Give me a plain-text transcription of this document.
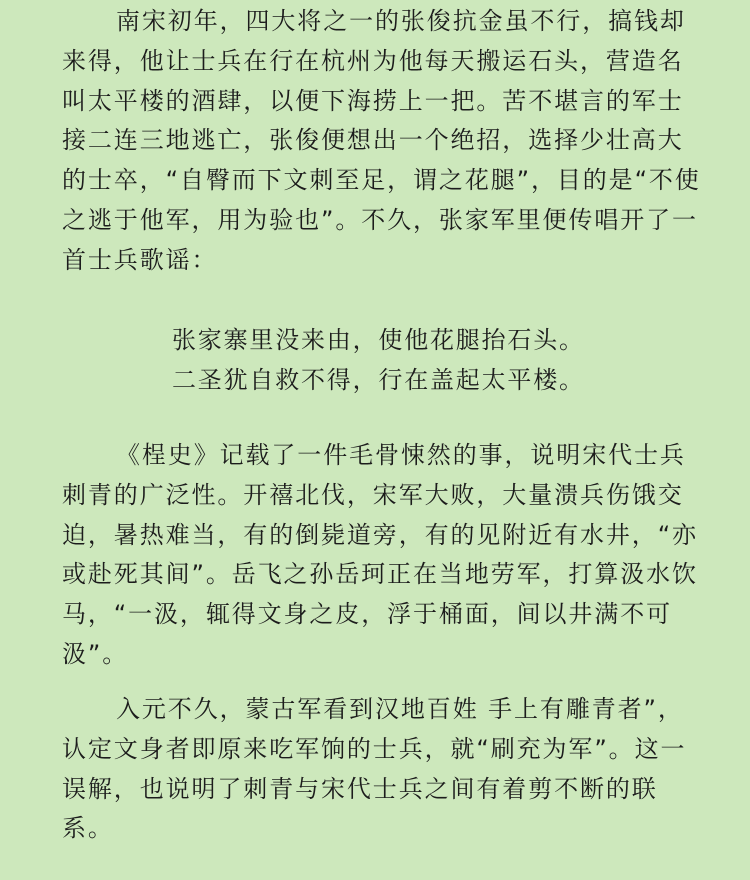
南宋初年，四大将之一的张俊抗金虽不行，搞钱却来得，他让士兵在行在杭州为他每天搬运石头，营造名叫太平楼的酒肆，以便下海捞上一把。苦不堪言的军士接二连三地逃亡，张俊便想出一个绝招，选择少壮高大的士卒，“自臀而下文刺至足，谓之花腿”，目的是“不使之逃于他军，用为验也”。不久，张家军里便传唱开了一首士兵歌谣：

张家寨里没来由，使他花腿抬石头。
二圣犹自救不得，行在盖起太平楼。

《桯史》记载了一件毛骨悚然的事，说明宋代士兵刺青的广泛性。开禧北伐，宋军大败，大量溃兵伤饿交迫，暑热难当，有的倒毙道旁，有的见附近有水井，“亦或赴死其间”。岳飞之孙岳珂正在当地劳军，打算汲水饮马，“一汲，辄得文身之皮，浮于桶面，间以井满不可汲”。

入元不久，蒙古军看到汉地百姓 手上有雕青者”，认定文身者即原来吃军饷的士兵，就“刷充为军”。这一误解，也说明了刺青与宋代士兵之间有着剪不断的联系。
